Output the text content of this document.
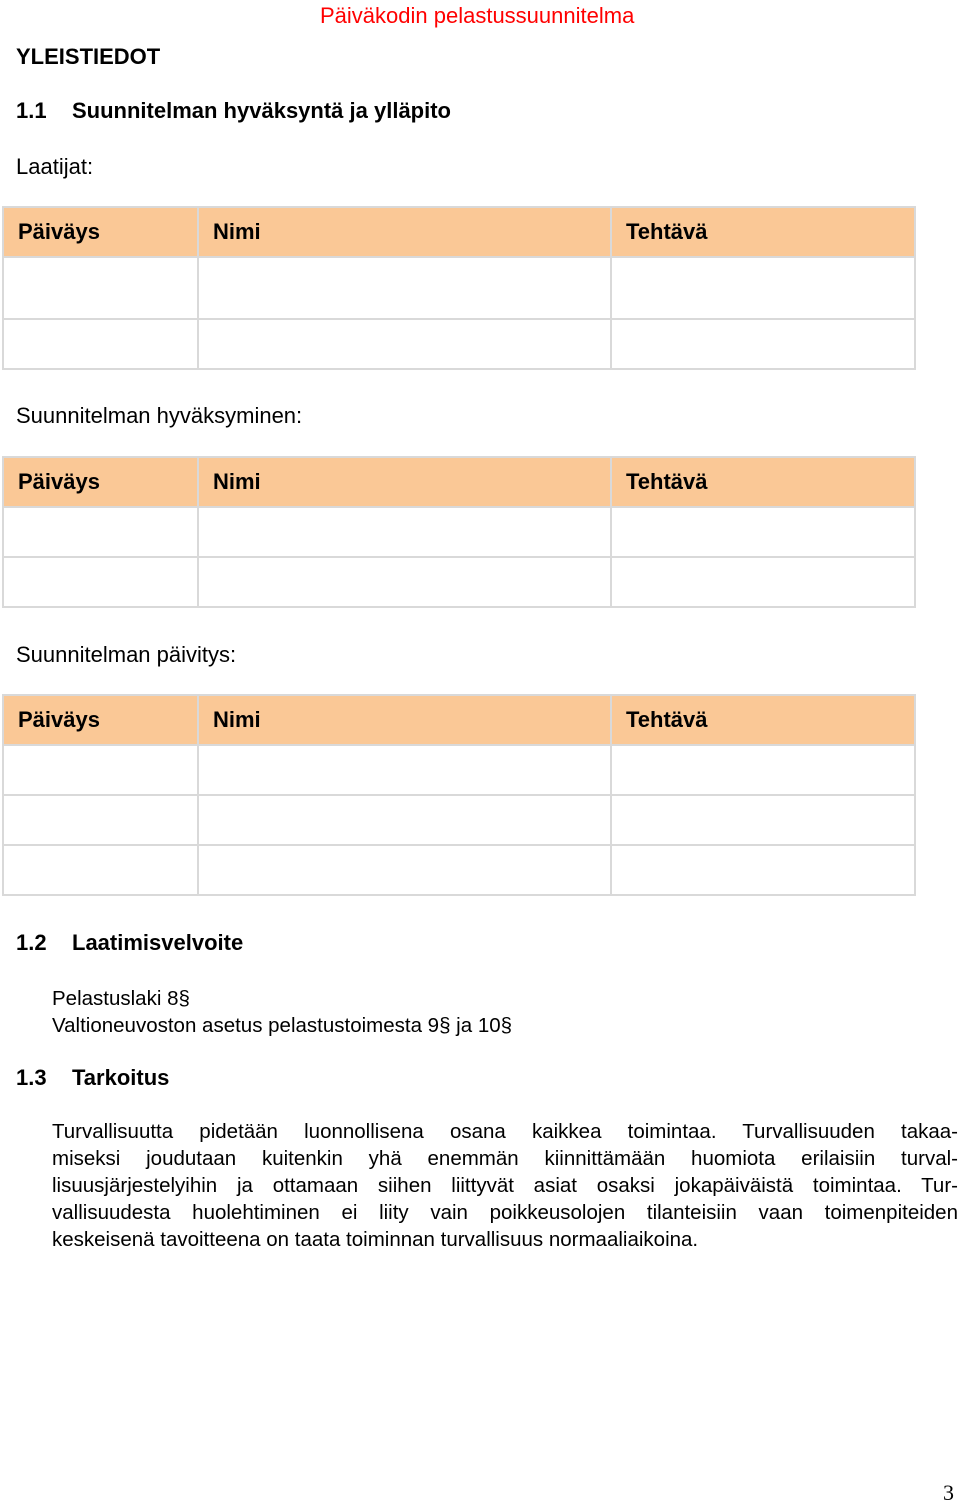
Päiväkodin pelastussuunnitelma
YLEISTIEDOT
1.1 Suunnitelman hyväksyntä ja ylläpito
Laatijat:
Päiväys	Nimi	Tehtävä

Suunnitelman hyväksyminen:
Päiväys	Nimi	Tehtävä

Suunnitelman päivitys:
Päiväys	Nimi	Tehtävä

1.2 Laatimisvelvoite
Pelastuslaki 8§
Valtioneuvoston asetus pelastustoimesta 9§ ja 10§
1.3 Tarkoitus
Turvallisuutta pidetään luonnollisena osana kaikkea toimintaa. Turvallisuuden takaa-
miseksi joudutaan kuitenkin yhä enemmän kiinnittämään huomiota erilaisiin turval-
lisuusjärjestelyihin ja ottamaan siihen liittyvät asiat osaksi jokapäiväistä toimintaa. Tur-
vallisuudesta huolehtiminen ei liity vain poikkeusolojen tilanteisiin vaan toimenpiteiden
keskeisenä tavoitteena on taata toiminnan turvallisuus normaaliaikoina.
3
